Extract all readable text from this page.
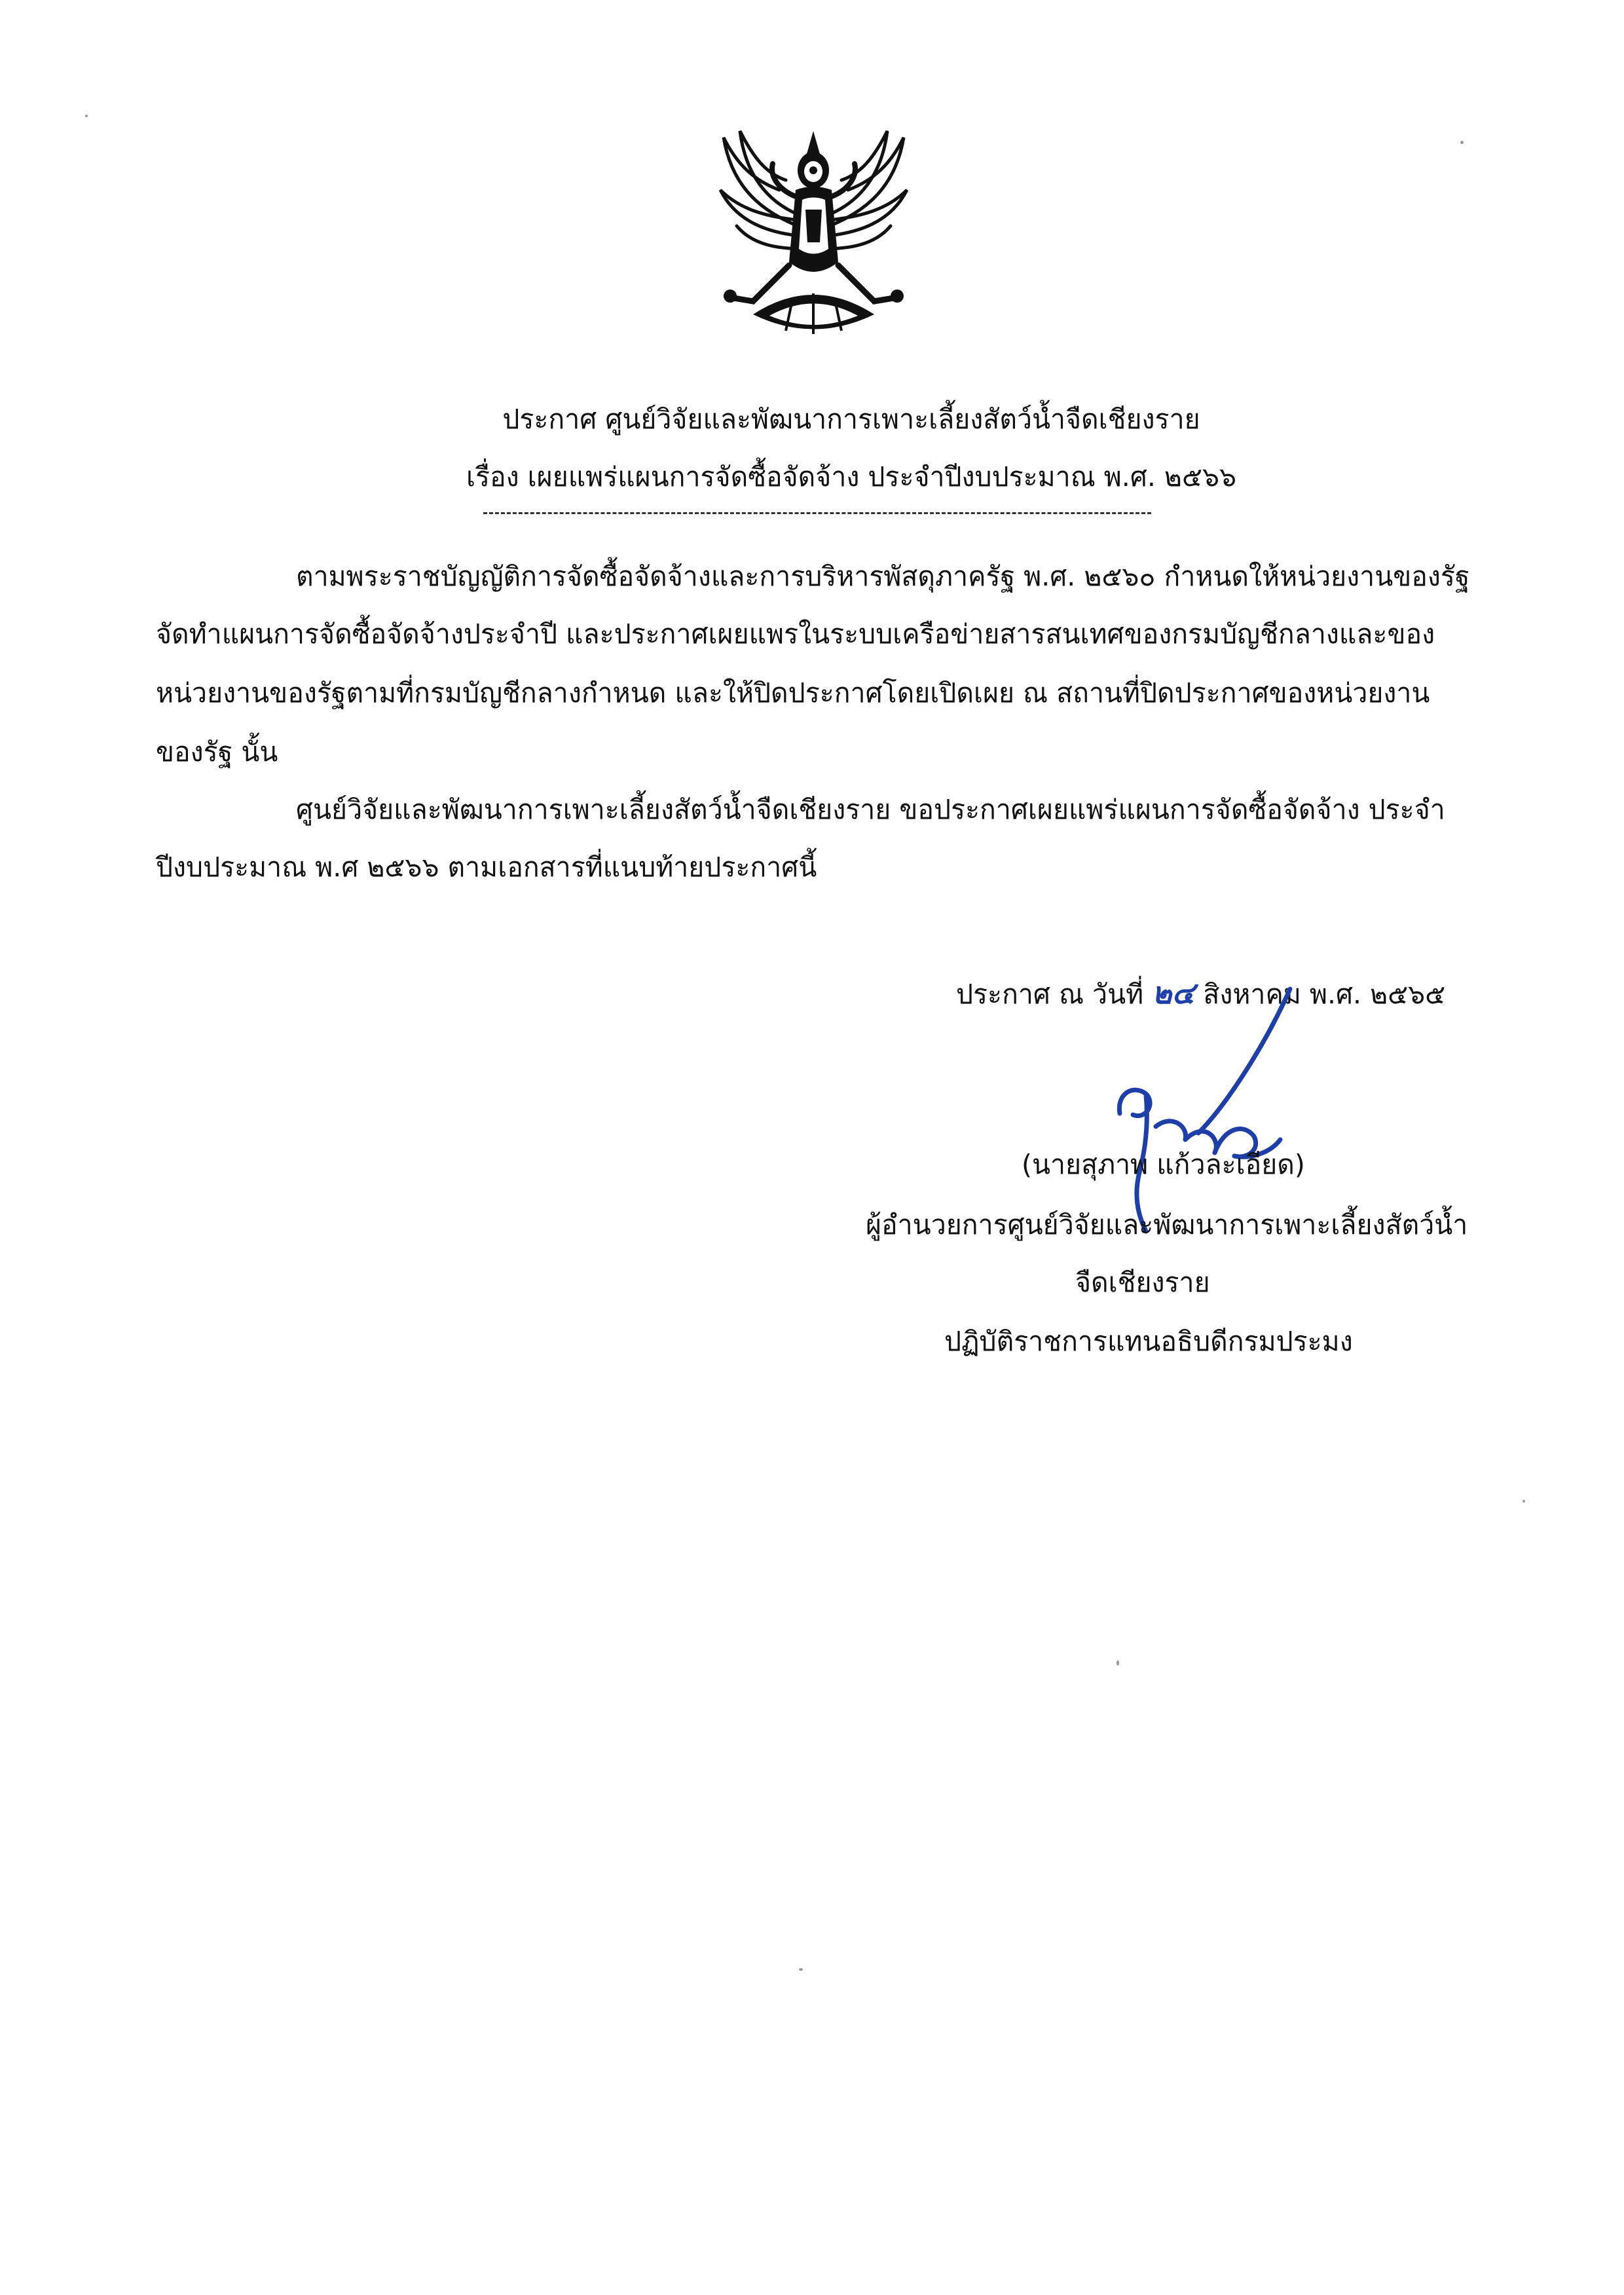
ประกาศ ศูนย์วิจัยและพัฒนาการเพาะเลี้ยงสัตว์น้ำจืดเชียงราย
เรื่อง เผยแพร่แผนการจัดซื้อจัดจ้าง ประจำปีงบประมาณ พ.ศ. ๒๕๖๖
ตามพระราชบัญญัติการจัดซื้อจัดจ้างและการบริหารพัสดุภาครัฐ พ.ศ. ๒๕๖๐ กำหนดให้หน่วยงานของรัฐ
จัดทำแผนการจัดซื้อจัดจ้างประจำปี และประกาศเผยแพรในระบบเครือข่ายสารสนเทศของกรมบัญชีกลางและของ
หน่วยงานของรัฐตามที่กรมบัญชีกลางกำหนด และให้ปิดประกาศโดยเปิดเผย ณ สถานที่ปิดประกาศของหน่วยงาน
ของรัฐ นั้น
ศูนย์วิจัยและพัฒนาการเพาะเลี้ยงสัตว์น้ำจืดเชียงราย ขอประกาศเผยแพร่แผนการจัดซื้อจัดจ้าง ประจำ
ปีงบประมาณ พ.ศ ๒๕๖๖ ตามเอกสารที่แนบท้ายประกาศนี้
ประกาศ ณ วันที่ ๒๔ สิงหาคม พ.ศ. ๒๕๖๕
(นายสุภาพ แก้วละเอียด)
ผู้อำนวยการศูนย์วิจัยและพัฒนาการเพาะเลี้ยงสัตว์น้ำ
จืดเชียงราย
ปฏิบัติราชการแทนอธิบดีกรมประมง
